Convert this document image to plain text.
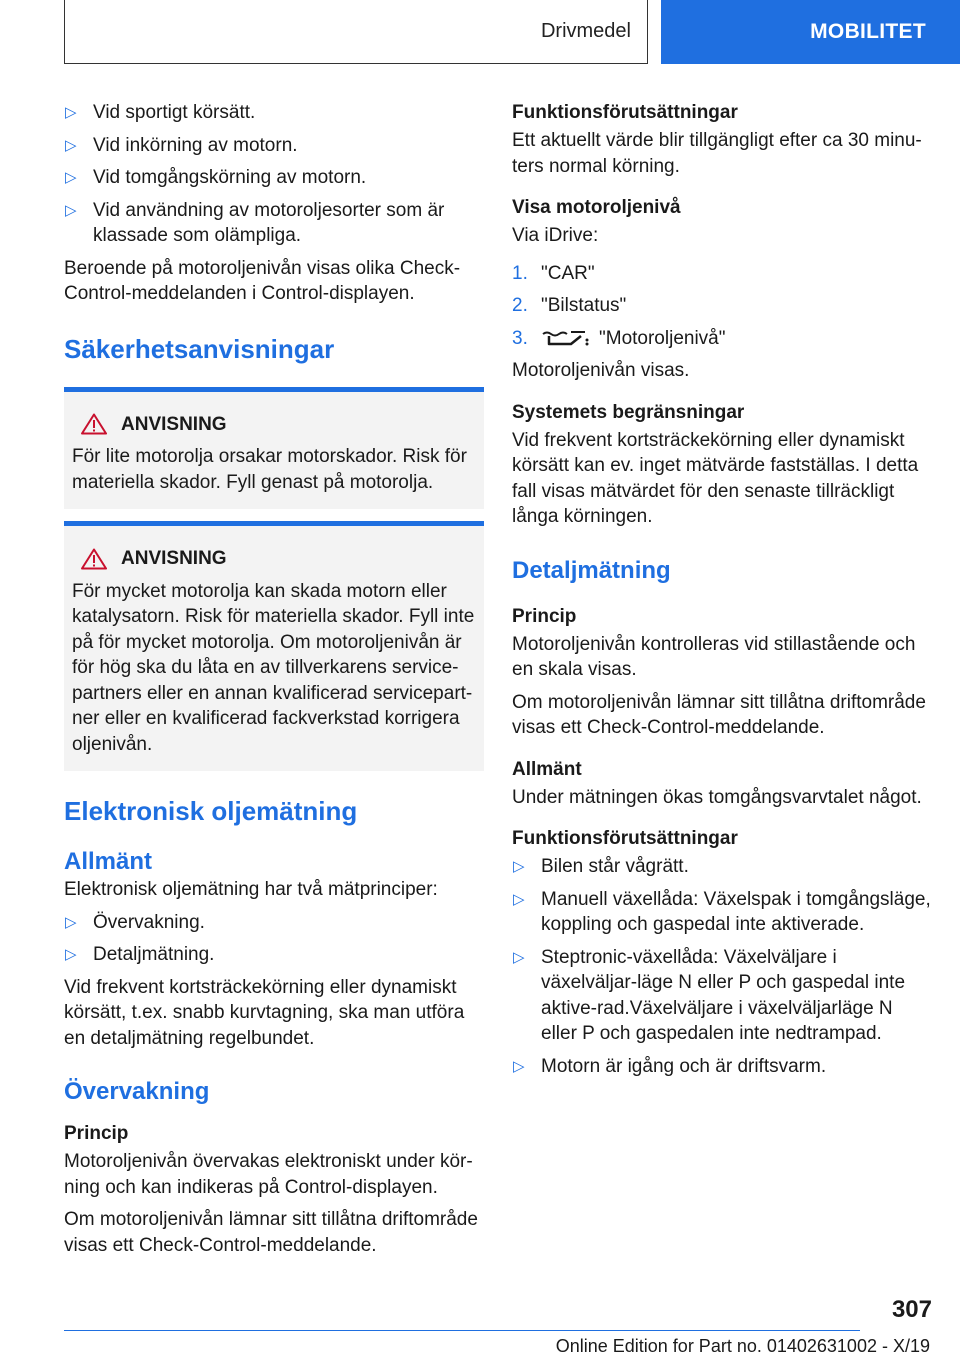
Drivmedel	MOBILITET
▷ Vid sportigt körsätt.
▷ Vid inkörning av motorn.
▷ Vid tomgångskörning av motorn.
▷ Vid användning av motoroljesorter som är klassade som olämpliga.

Beroende på motoroljenivån visas olika Check-Control-meddelanden i Control-displayen.

Säkerhetsanvisningar
ANVISNING

För lite motorolja orsakar motorskador. Risk för materiella skador. Fyll genast på motorolja.

ANVISNING

För mycket motorolja kan skada motorn eller katalysatorn. Risk för materiella skador. Fyll inte på för mycket motorolja. Om motoroljenivån är för hög ska du låta en av tillverkarens service-partners eller en annan kvalificerad servicepart-ner eller en kvalificerad fackverkstad korrigera oljenivån.

Elektronisk oljemätning
Allmänt

Elektronisk oljemätning har två mätprinciper:

▷ Övervakning.
▷ Detaljmätning.

Vid frekvent kortsträckekörning eller dynamiskt körsätt, t.ex. snabb kurvtagning, ska man utföra en detaljmätning regelbundet.

Övervakning
Princip

Motoroljenivån övervakas elektroniskt under kör-ning och kan indikeras på Control-displayen.

Om motoroljenivån lämnar sitt tillåtna driftområde visas ett Check-Control-meddelande.

Funktionsförutsättningar

Ett aktuellt värde blir tillgängligt efter ca 30 minu-ters normal körning.

Visa motoroljenivå

Via iDrive:

1. "CAR"
2. "Bilstatus"
3.	"Motoroljenivå"

Motoroljenivån visas.

Systemets begränsningar

Vid frekvent kortsträckekörning eller dynamiskt körsätt kan ev. inget mätvärde fastställas. I detta fall visas mätvärdet för den senaste tillräckligt långa körningen.

Detaljmätning
Princip

Motoroljenivån kontrolleras vid stillastående och en skala visas.

Om motoroljenivån lämnar sitt tillåtna driftområde visas ett Check-Control-meddelande.

Allmänt

Under mätningen ökas tomgångsvarvtalet något.

Funktionsförutsättningar
▷ Bilen står vågrätt.
▷ Manuell växellåda: Växelspak i tomgångsläge, koppling och gaspedal inte aktiverade.
▷ Steptronic-växellåda: Växelväljare i växelväljar-läge N eller P och gaspedal inte aktive-rad.Växelväljare i växelväljarläge N eller P och gaspedalen inte nedtrampad.
▷ Motorn är igång och är driftsvarm.
307
Online Edition for Part no. 01402631002 - X/19
